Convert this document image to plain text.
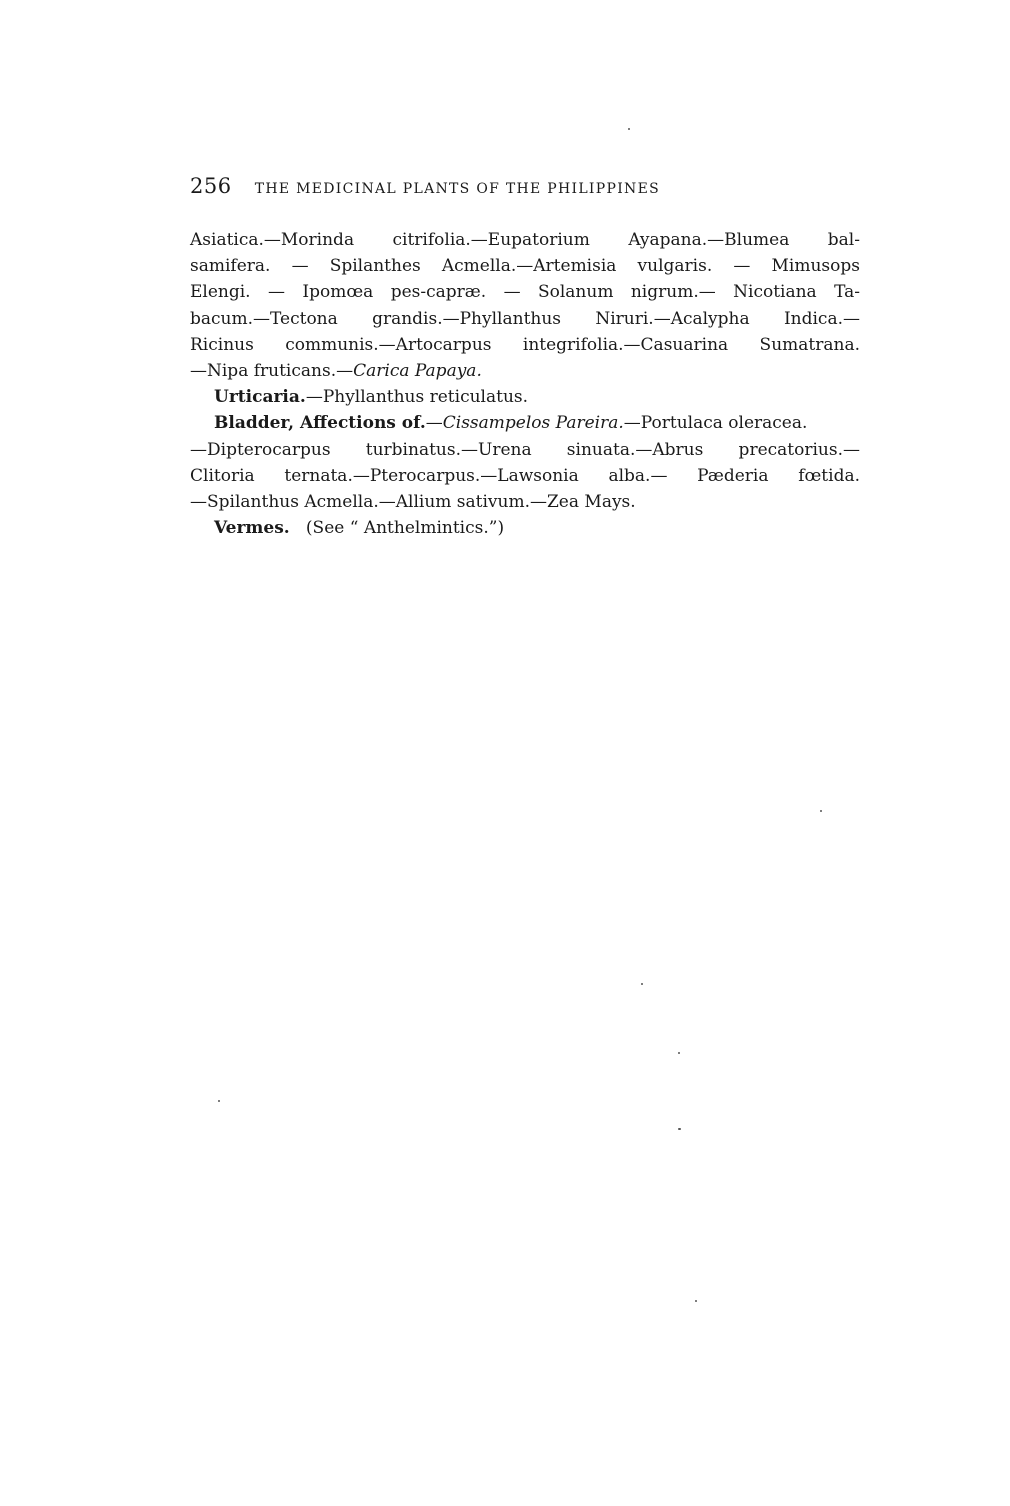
256 THE MEDICINAL PLANTS OF THE PHILIPPINES
Asiatica.—Morinda citrifolia.—Eupatorium Ayapana.—Blumea bal-
samifera. — Spilanthes Acmella.—Artemisia vulgaris. — Mimusops
Elengi. — Ipomœa pes-capræ. — Solanum nigrum.— Nicotiana Ta-
bacum.—Tectona grandis.—Phyllanthus Niruri.—Acalypha Indica.—
Ricinus communis.—Artocarpus integrifolia.—Casuarina Sumatrana.
—Nipa fruticans.—Carica Papaya.
Urticaria.—Phyllanthus reticulatus.
Bladder, Affections of.—Cissampelos Pareira.—Portulaca oleracea.
—Dipterocarpus turbinatus.—Urena sinuata.—Abrus precatorius.—
Clitoria ternata.—Pterocarpus.—Lawsonia alba.— Pæderia fœtida.
—Spilanthus Acmella.—Allium sativum.—Zea Mays.
Vermes. (See “ Anthelmintics.”)
